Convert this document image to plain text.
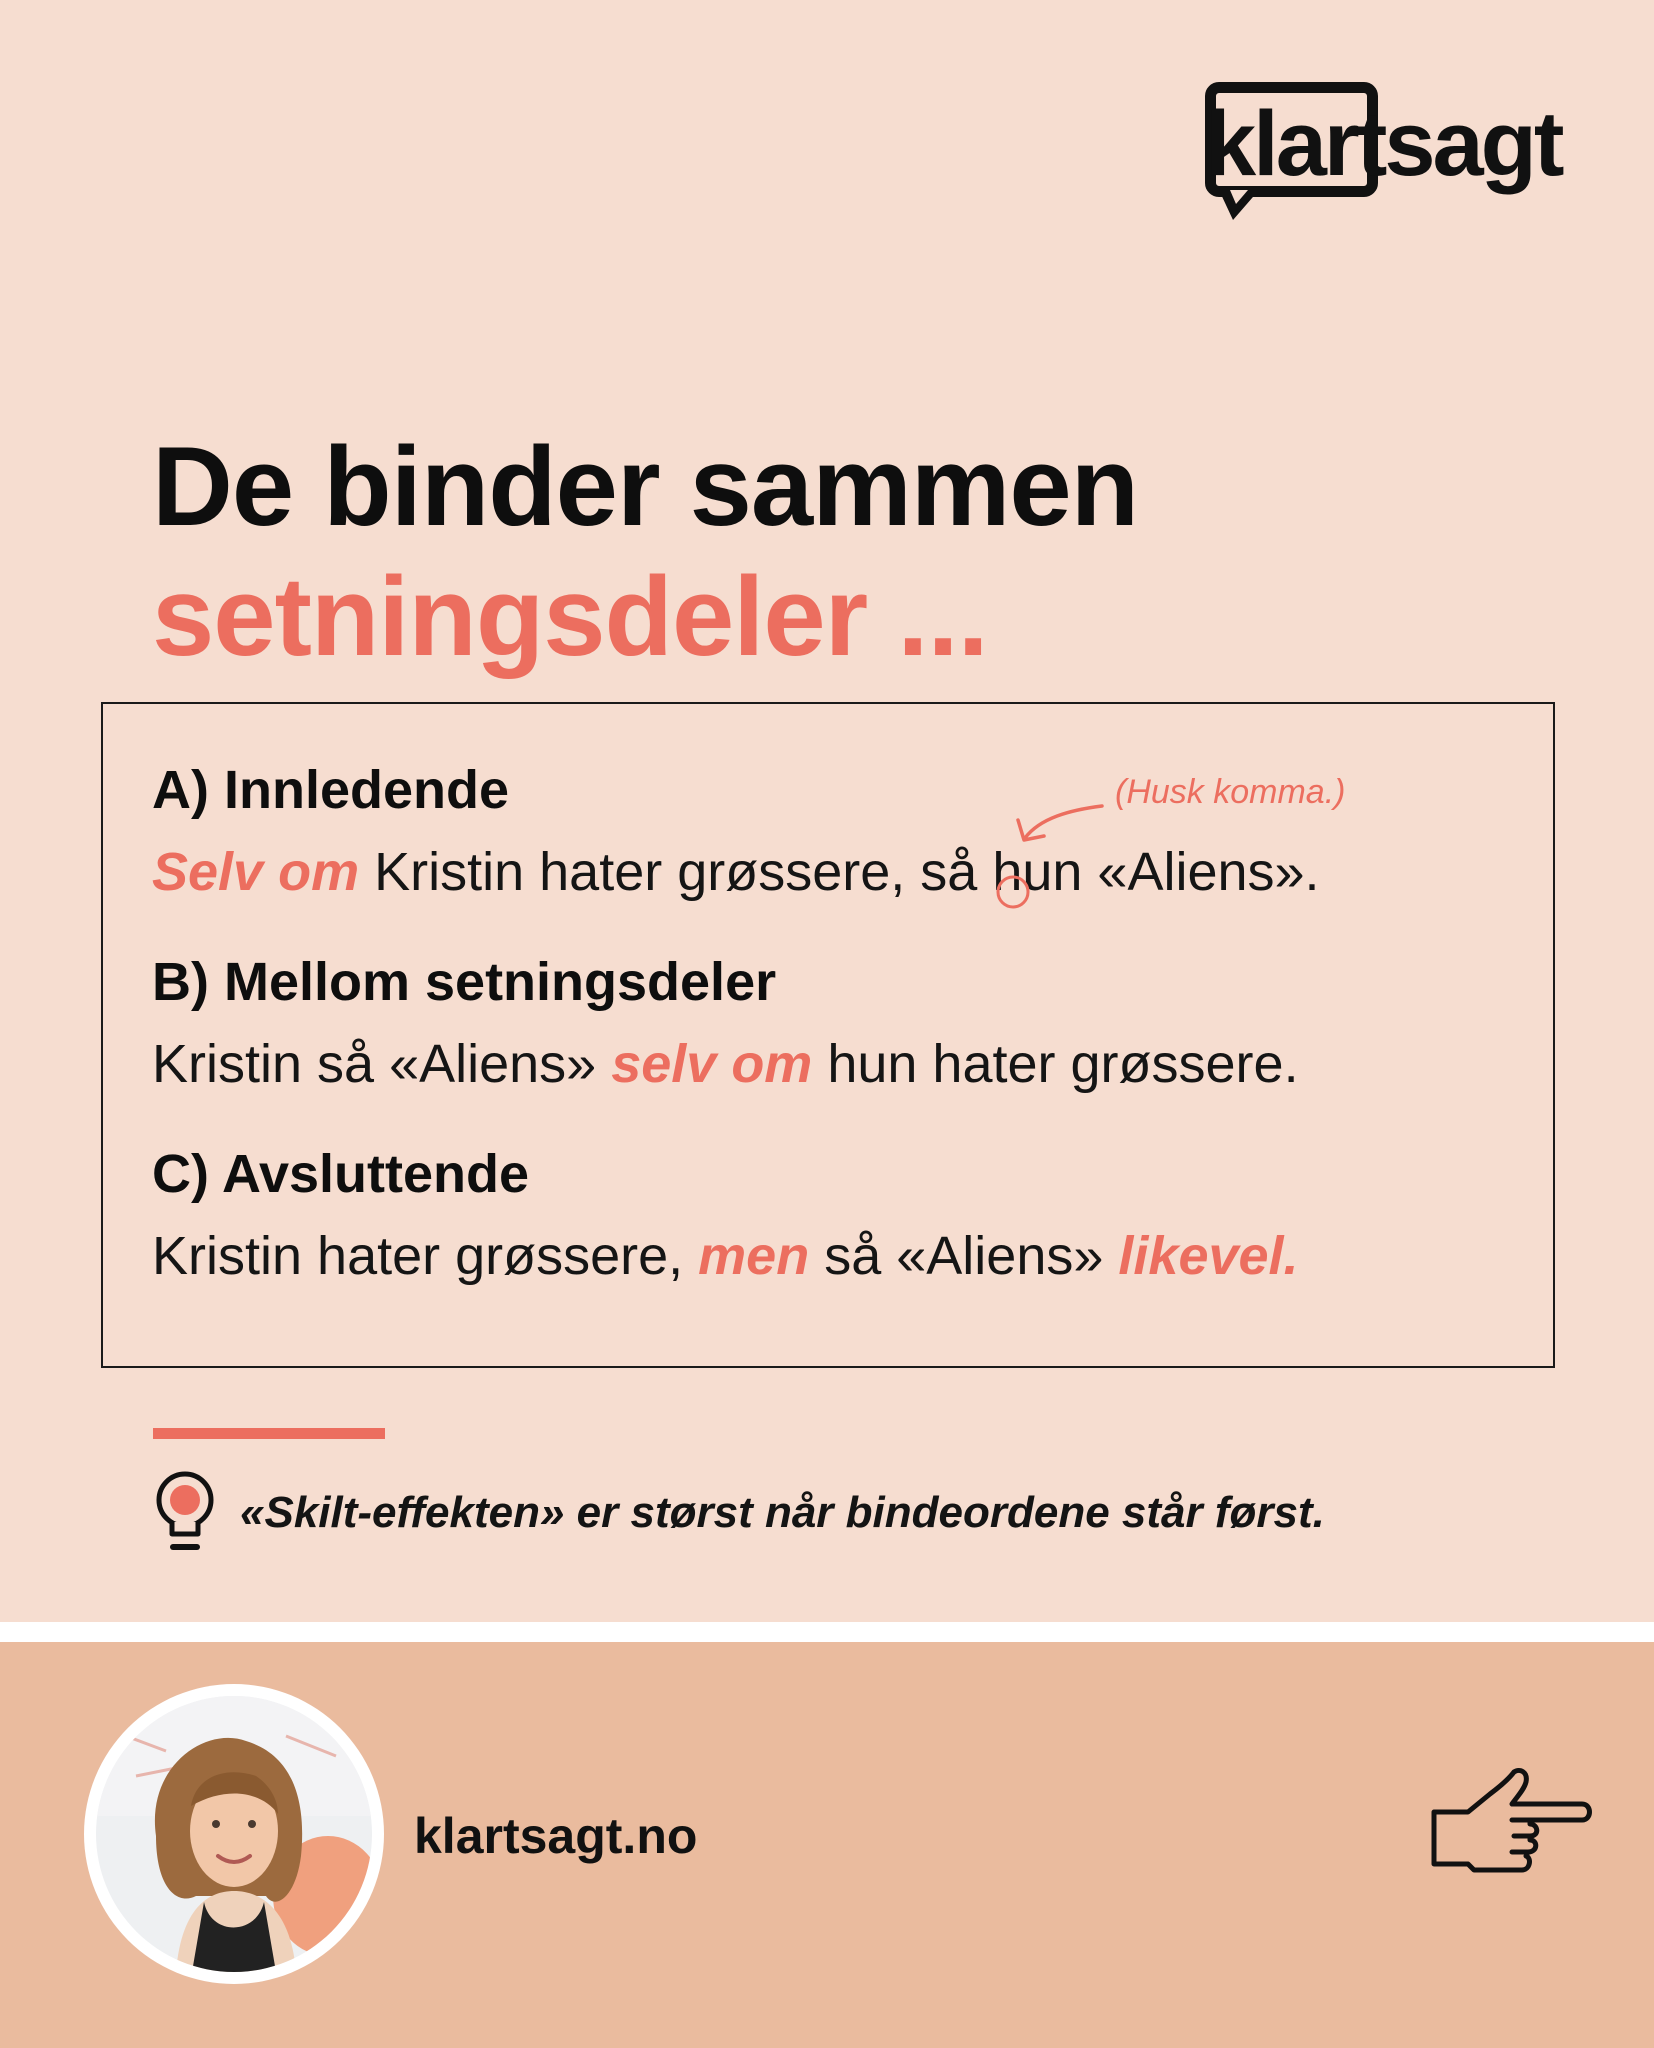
klartsagt
De binder sammen
setningsdeler ...
A) Innledende
Selv om Kristin hater grøssere, så hun «Aliens».
(Husk komma.)
B) Mellom setningsdeler
Kristin så «Aliens» selv om hun hater grøssere.
C) Avsluttende
Kristin hater grøssere, men så «Aliens» likevel.
«Skilt-effekten» er størst når bindeordene står først.
klartsagt.no
